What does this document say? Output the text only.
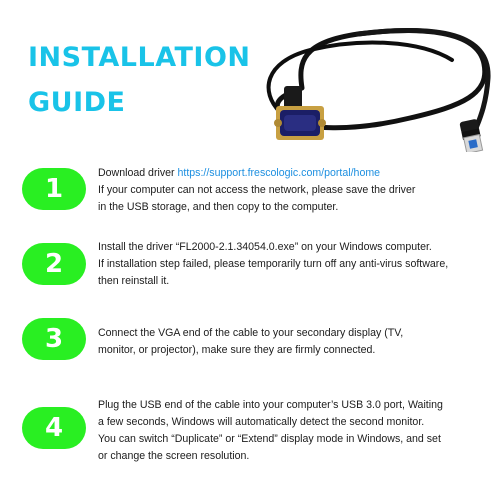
INSTALLATION
GUIDE
1
Download driver https://support.frescologic.com/portal/home
If your computer can not access the network, please save the driver
in the USB storage, and then copy to the computer.
2
Install the driver “FL2000-2.1.34054.0.exe” on your Windows computer.
If installation step failed, please temporarily turn off any anti-virus software,
then reinstall it.
3	Connect the VGA end of the cable to your secondary display (TV,
monitor, or projector), make sure they are firmly connected.
4
Plug the USB end of the cable into your computer’s USB 3.0 port, Waiting
a few seconds, Windows will automatically detect the second monitor.
You can switch “Duplicate” or “Extend” display mode in Windows, and set
or change the screen resolution.
